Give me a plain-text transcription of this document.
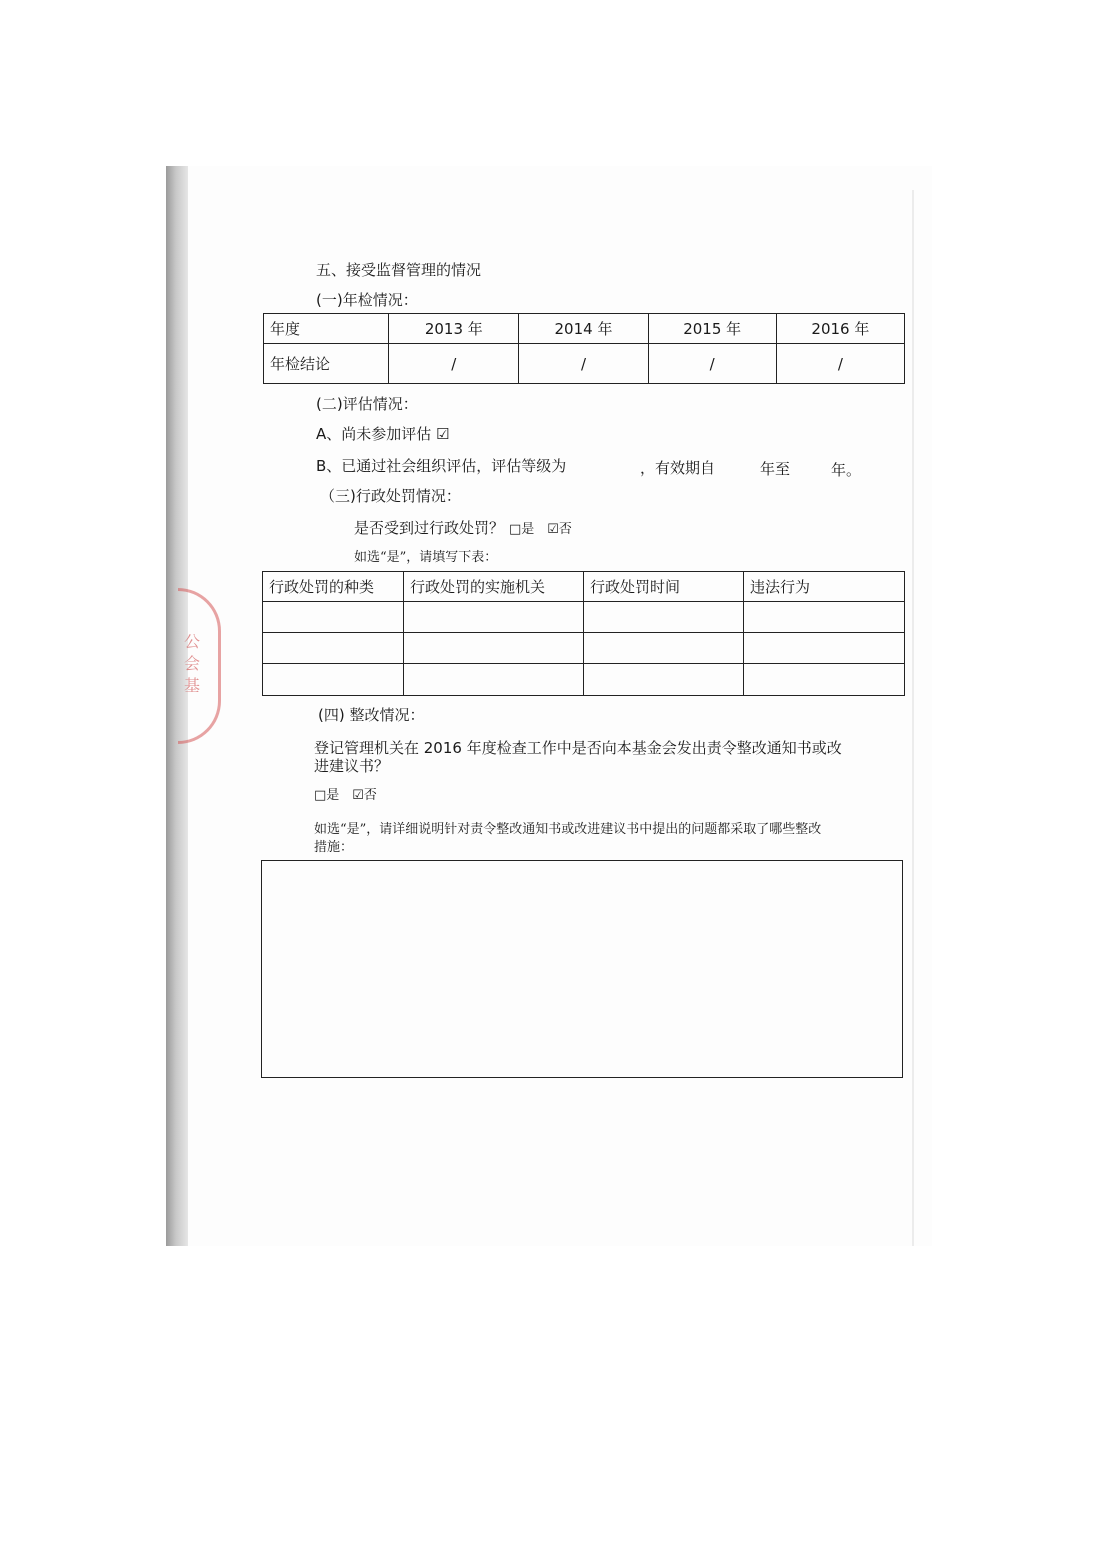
公
会
基
五、接受监督管理的情况
(一)年检情况：
年度	2013 年	2014 年	2015 年	2016 年
年检结论	/	/	/	/
(二)评估情况：
A、尚未参加评估 ☑
B、已通过社会组织评估，评估等级为	，有效期自	年至	年。
（三)行政处罚情况：
是否受到过行政处罚？ □是　☑否
如选“是”，请填写下表：
行政处罚的种类	行政处罚的实施机关	行政处罚时间	违法行为

(四) 整改情况：
登记管理机关在 2016 年度检查工作中是否向本基金会发出责令整改通知书或改
进建议书？
□是　☑否
如选“是”，请详细说明针对责令整改通知书或改进建议书中提出的问题都采取了哪些整改
措施：
